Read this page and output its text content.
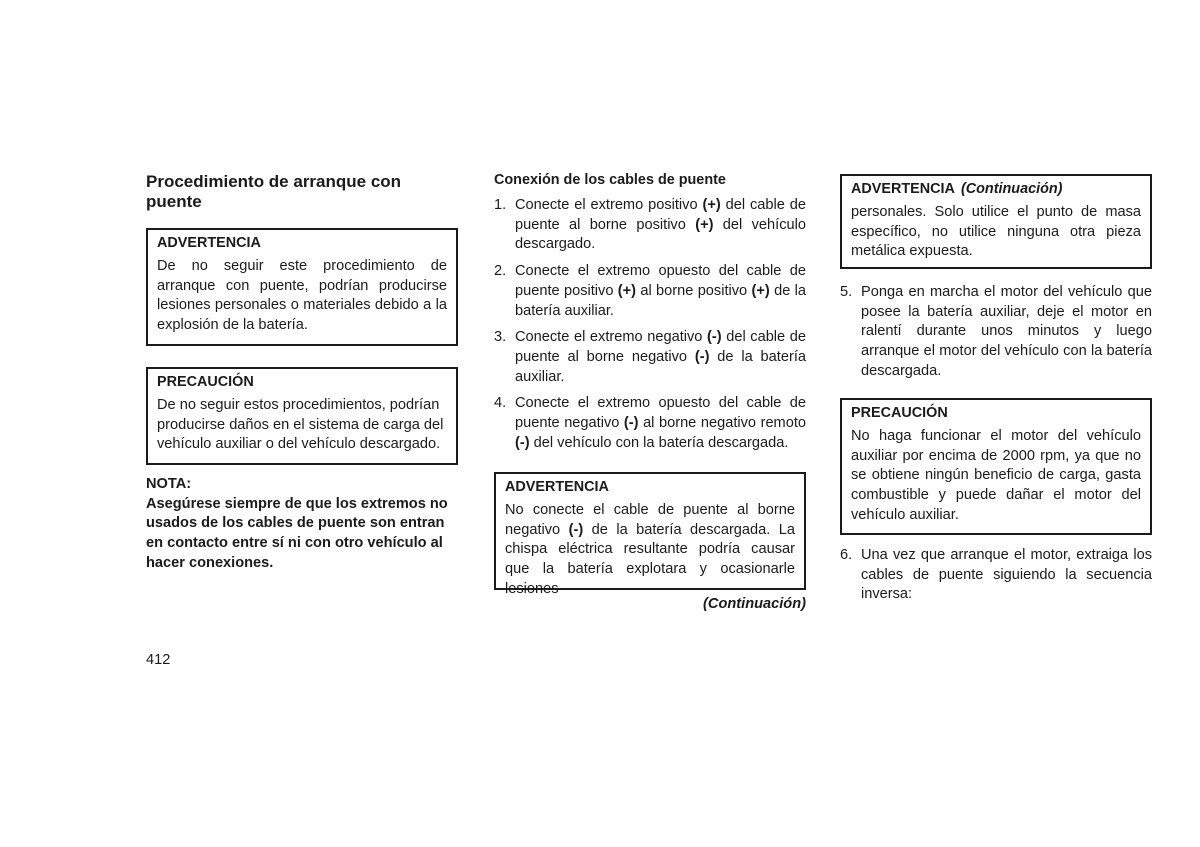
Procedimiento de arranque con puente

ADVERTENCIA

De no seguir este procedimiento de arranque con puente, podrían producirse lesiones personales o materiales debido a la explosión de la batería.

PRECAUCIÓN

De no seguir estos procedimientos, podrían producirse daños en el sistema de carga del vehículo auxiliar o del vehículo descargado.

NOTA:

Asegúrese siempre de que los extremos no usados de los cables de puente son entran en contacto entre sí ni con otro vehículo al hacer conexiones.

Conexión de los cables de puente

1. Conecte el extremo positivo (+) del cable de puente al borne positivo (+) del vehículo descargado.
2. Conecte el extremo opuesto del cable de puente positivo (+) al borne positivo (+) de la batería auxiliar.
3. Conecte el extremo negativo (-) del cable de puente al borne negativo (-) de la batería auxiliar.
4. Conecte el extremo opuesto del cable de puente negativo (-) al borne negativo remoto (-) del vehículo con la batería descargada.

ADVERTENCIA

No conecte el cable de puente al borne negativo (-) de la batería descargada. La chispa eléctrica resultante podría causar que la batería explotara y ocasionarle lesiones

(Continuación)

ADVERTENCIA (Continuación)

personales. Solo utilice el punto de masa específico, no utilice ninguna otra pieza metálica expuesta.

5. Ponga en marcha el motor del vehículo que posee la batería auxiliar, deje el motor en ralentí durante unos minutos y luego arranque el motor del vehículo con la batería descargada.

PRECAUCIÓN

No haga funcionar el motor del vehículo auxiliar por encima de 2000 rpm, ya que no se obtiene ningún beneficio de carga, gasta combustible y puede dañar el motor del vehículo auxiliar.

6. Una vez que arranque el motor, extraiga los cables de puente siguiendo la secuencia inversa:
412
